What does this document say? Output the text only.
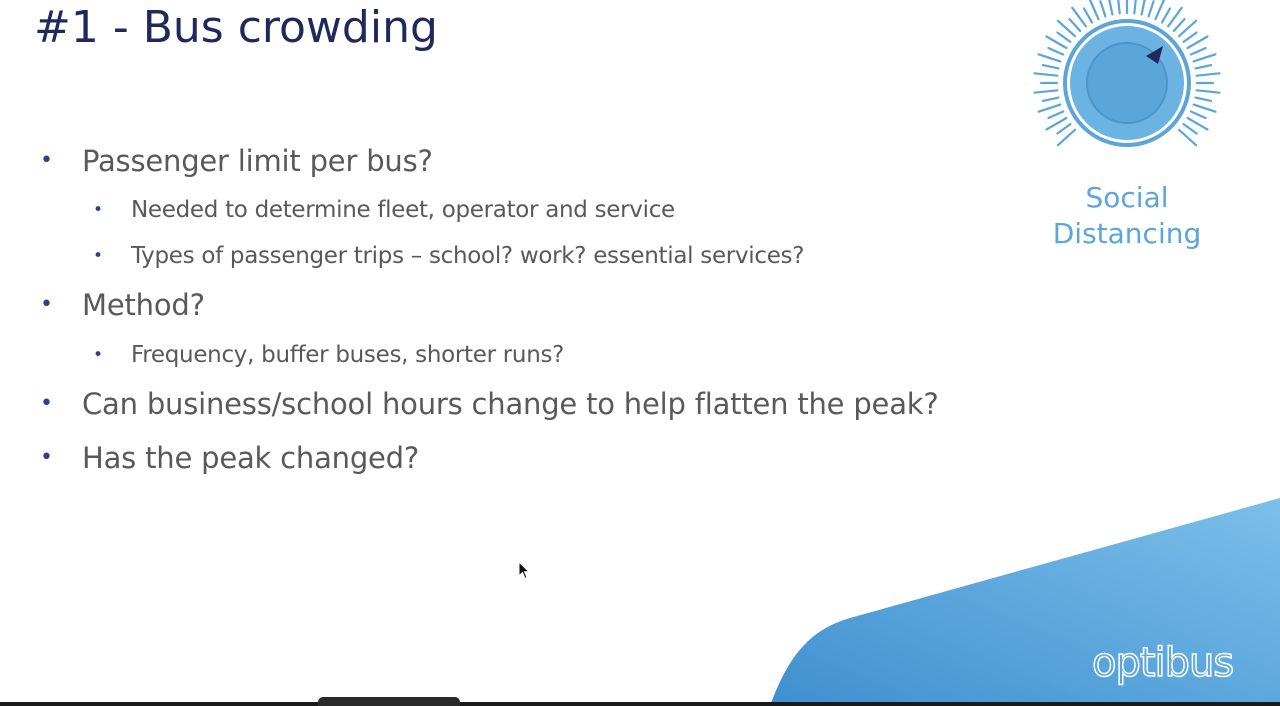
#1 - Bus crowding
• Passenger limit per bus?
• Needed to determine fleet, operator and service
• Types of passenger trips – school? work? essential services?
• Method?
• Frequency, buffer buses, shorter runs?
• Can business/school hours change to help flatten the peak?
• Has the peak changed?
Social
Distancing
optibus
